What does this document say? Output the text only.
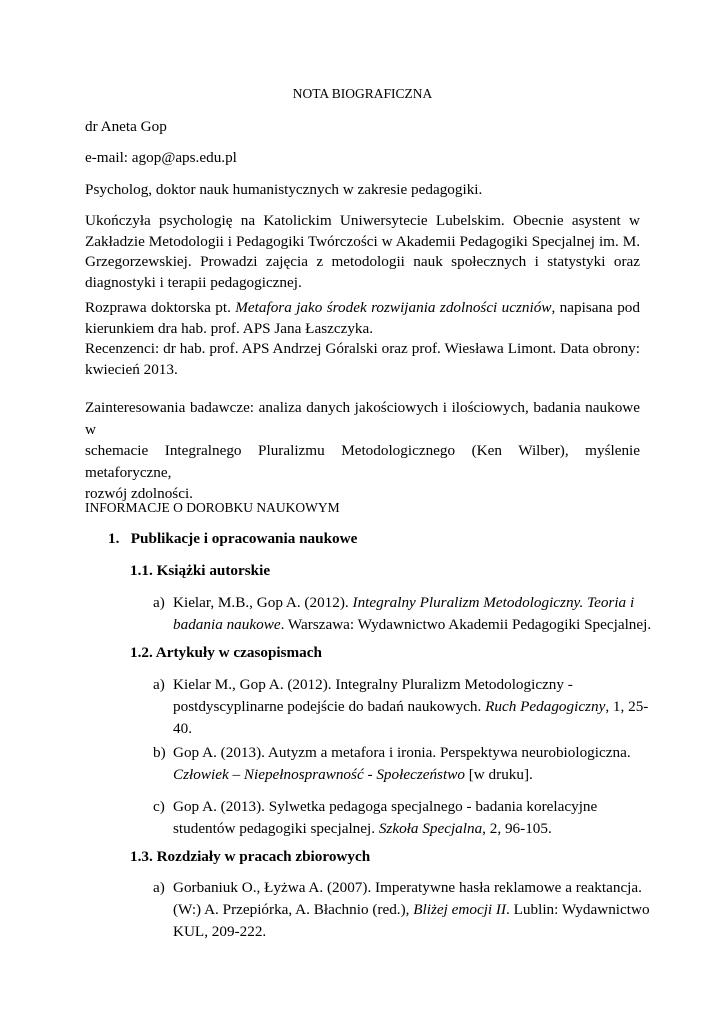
NOTA BIOGRAFICZNA
dr Aneta Gop
e-mail: agop@aps.edu.pl
Psycholog, doktor nauk humanistycznych w zakresie pedagogiki.
Ukończyła psychologię na Katolickim Uniwersytecie Lubelskim. Obecnie asystent w
Zakładzie Metodologii i Pedagogiki Twórczości w Akademii Pedagogiki Specjalnej im. M.
Grzegorzewskiej. Prowadzi zajęcia z metodologii nauk społecznych i statystyki oraz
diagnostyki i terapii pedagogicznej.
Rozprawa doktorska pt. Metafora jako środek rozwijania zdolności uczniów, napisana pod
kierunkiem dra hab. prof. APS Jana Łaszczyka.
Recenzenci: dr hab. prof. APS Andrzej Góralski oraz prof. Wiesława Limont. Data obrony:
kwiecień 2013.
Zainteresowania badawcze: analiza danych jakościowych i ilościowych, badania naukowe w
schemacie Integralnego Pluralizmu Metodologicznego (Ken Wilber), myślenie metaforyczne,
rozwój zdolności.
INFORMACJE O DOROBKU NAUKOWYM
1.   Publikacje i opracowania naukowe
1.1. Książki autorskie
a) Kielar, M.B., Gop A. (2012). Integralny Pluralizm Metodologiczny. Teoria i
badania naukowe. Warszawa: Wydawnictwo Akademii Pedagogiki Specjalnej.
1.2. Artykuły w czasopismach
a) Kielar M., Gop A. (2012). Integralny Pluralizm Metodologiczny -
postdyscyplinarne podejście do badań naukowych. Ruch Pedagogiczny, 1, 25-
40.
b) Gop A. (2013). Autyzm a metafora i ironia. Perspektywa neurobiologiczna.
Człowiek – Niepełnosprawność - Społeczeństwo [w druku].
c) Gop A. (2013). Sylwetka pedagoga specjalnego - badania korelacyjne
studentów pedagogiki specjalnej. Szkoła Specjalna, 2, 96-105.
1.3. Rozdziały w pracach zbiorowych
a) Gorbaniuk O., Łyżwa A. (2007). Imperatywne hasła reklamowe a reaktancja.
(W:) A. Przepiórka, A. Błachnio (red.), Bliżej emocji II. Lublin: Wydawnictwo
KUL, 209-222.
